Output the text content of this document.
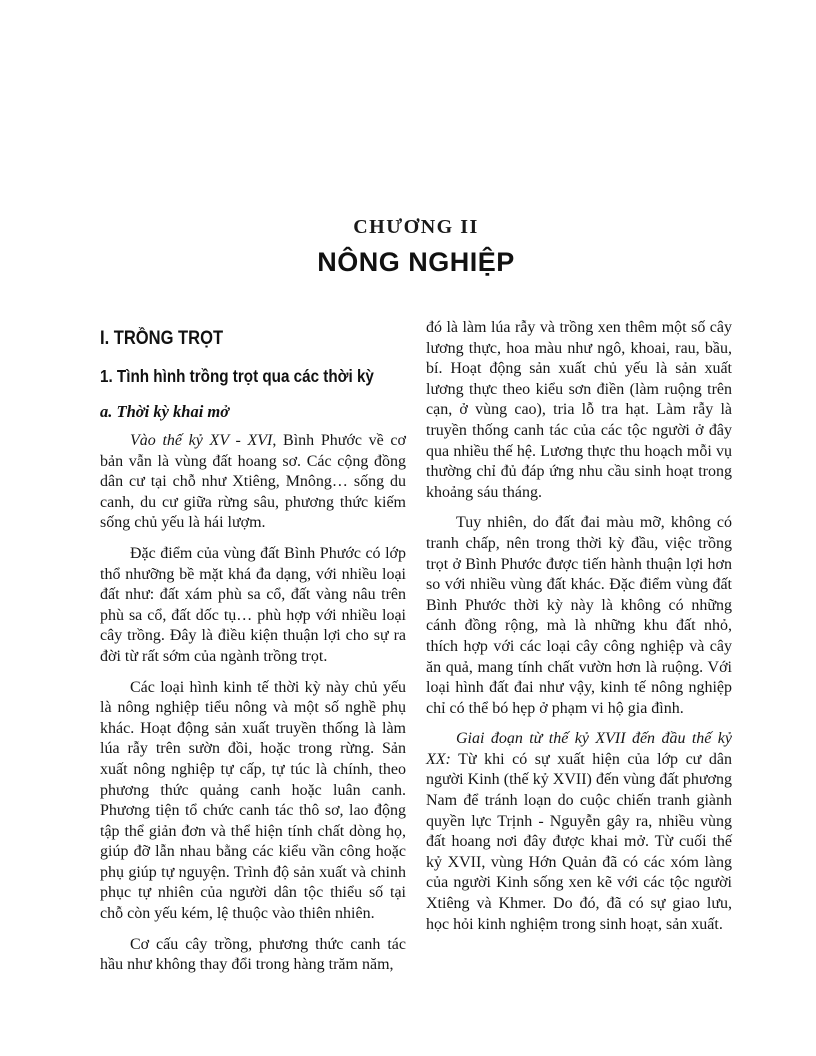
CHƯƠNG II
NÔNG NGHIỆP
I. TRỒNG TRỌT
1. Tình hình trồng trọt qua các thời kỳ
a. Thời kỳ khai mở

Vào thế kỷ XV - XVI, Bình Phước về cơ bản vẫn là vùng đất hoang sơ. Các cộng đồng dân cư tại chỗ như Xtiêng, Mnông… sống du canh, du cư giữa rừng sâu, phương thức kiếm sống chủ yếu là hái lượm.

Đặc điểm của vùng đất Bình Phước có lớp thổ nhưỡng bề mặt khá đa dạng, với nhiều loại đất như: đất xám phù sa cổ, đất vàng nâu trên phù sa cổ, đất dốc tụ… phù hợp với nhiều loại cây trồng. Đây là điều kiện thuận lợi cho sự ra đời từ rất sớm của ngành trồng trọt.

Các loại hình kinh tế thời kỳ này chủ yếu là nông nghiệp tiểu nông và một số nghề phụ khác. Hoạt động sản xuất truyền thống là làm lúa rẫy trên sườn đồi, hoặc trong rừng. Sản xuất nông nghiệp tự cấp, tự túc là chính, theo phương thức quảng canh hoặc luân canh. Phương tiện tổ chức canh tác thô sơ, lao động tập thể giản đơn và thể hiện tính chất dòng họ, giúp đỡ lẫn nhau bằng các kiểu vần công hoặc phụ giúp tự nguyện. Trình độ sản xuất và chinh phục tự nhiên của người dân tộc thiểu số tại chỗ còn yếu kém, lệ thuộc vào thiên nhiên.

Cơ cấu cây trồng, phương thức canh tác hầu như không thay đổi trong hàng trăm năm,

đó là làm lúa rẫy và trồng xen thêm một số cây lương thực, hoa màu như ngô, khoai, rau, bầu, bí. Hoạt động sản xuất chủ yếu là sản xuất lương thực theo kiểu sơn điền (làm ruộng trên cạn, ở vùng cao), tria lỗ tra hạt. Làm rẫy là truyền thống canh tác của các tộc người ở đây qua nhiều thế hệ. Lương thực thu hoạch mỗi vụ thường chỉ đủ đáp ứng nhu cầu sinh hoạt trong khoảng sáu tháng.

Tuy nhiên, do đất đai màu mỡ, không có tranh chấp, nên trong thời kỳ đầu, việc trồng trọt ở Bình Phước được tiến hành thuận lợi hơn so với nhiều vùng đất khác. Đặc điểm vùng đất Bình Phước thời kỳ này là không có những cánh đồng rộng, mà là những khu đất nhỏ, thích hợp với các loại cây công nghiệp và cây ăn quả, mang tính chất vườn hơn là ruộng. Với loại hình đất đai như vậy, kinh tế nông nghiệp chỉ có thể bó hẹp ở phạm vi hộ gia đình.

Giai đoạn từ thế kỷ XVII đến đầu thế kỷ XX: Từ khi có sự xuất hiện của lớp cư dân người Kinh (thế kỷ XVII) đến vùng đất phương Nam để tránh loạn do cuộc chiến tranh giành quyền lực Trịnh - Nguyễn gây ra, nhiều vùng đất hoang nơi đây được khai mở. Từ cuối thế kỷ XVII, vùng Hớn Quản đã có các xóm làng của người Kinh sống xen kẽ với các tộc người Xtiêng và Khmer. Do đó, đã có sự giao lưu, học hỏi kinh nghiệm trong sinh hoạt, sản xuất.
